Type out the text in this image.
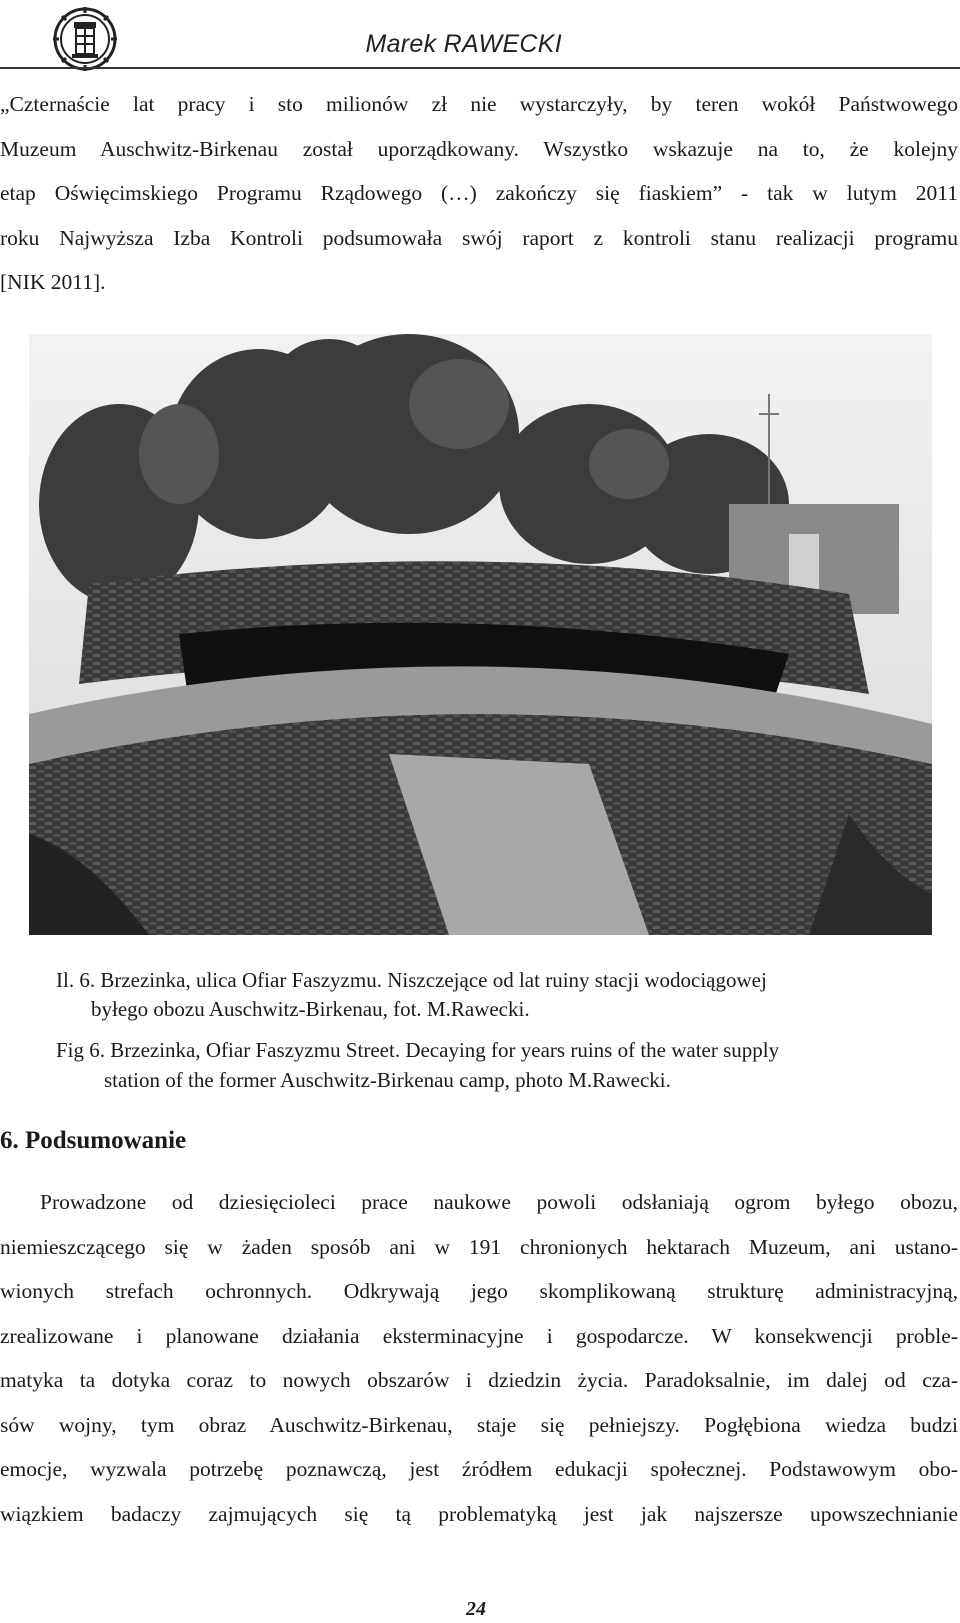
Marek RAWECKI
„Czternaście lat pracy i sto milionów zł nie wystarczyły, by teren wokół Państwowego
Muzeum Auschwitz-Birkenau został uporządkowany. Wszystko wskazuje na to, że kolejny
etap Oświęcimskiego Programu Rządowego (…) zakończy się fiaskiem” - tak w lutym 2011
roku Najwyższa Izba Kontroli podsumowała swój raport z kontroli stanu realizacji programu
[NIK 2011].
Il. 6. Brzezinka, ulica Ofiar Faszyzmu. Niszczejące od lat ruiny stacji wodociągowej
byłego obozu Auschwitz-Birkenau, fot. M.Rawecki.
Fig 6. Brzezinka, Ofiar Faszyzmu Street. Decaying for years ruins of the water supply
station of the former Auschwitz-Birkenau camp, photo M.Rawecki.
6. Podsumowanie
Prowadzone od dziesięcioleci prace naukowe powoli odsłaniają ogrom byłego obozu,
niemieszczącego się w żaden sposób ani w 191 chronionych hektarach Muzeum, ani ustano-
wionych strefach ochronnych. Odkrywają jego skomplikowaną strukturę administracyjną,
zrealizowane i planowane działania eksterminacyjne i gospodarcze. W konsekwencji proble-
matyka ta dotyka coraz to nowych obszarów i dziedzin życia. Paradoksalnie, im dalej od cza-
sów wojny, tym obraz Auschwitz-Birkenau, staje się pełniejszy. Pogłębiona wiedza budzi
emocje, wyzwala potrzebę poznawczą, jest źródłem edukacji społecznej. Podstawowym obo-
wiązkiem badaczy zajmujących się tą problematyką jest jak najszersze upowszechnianie
24
